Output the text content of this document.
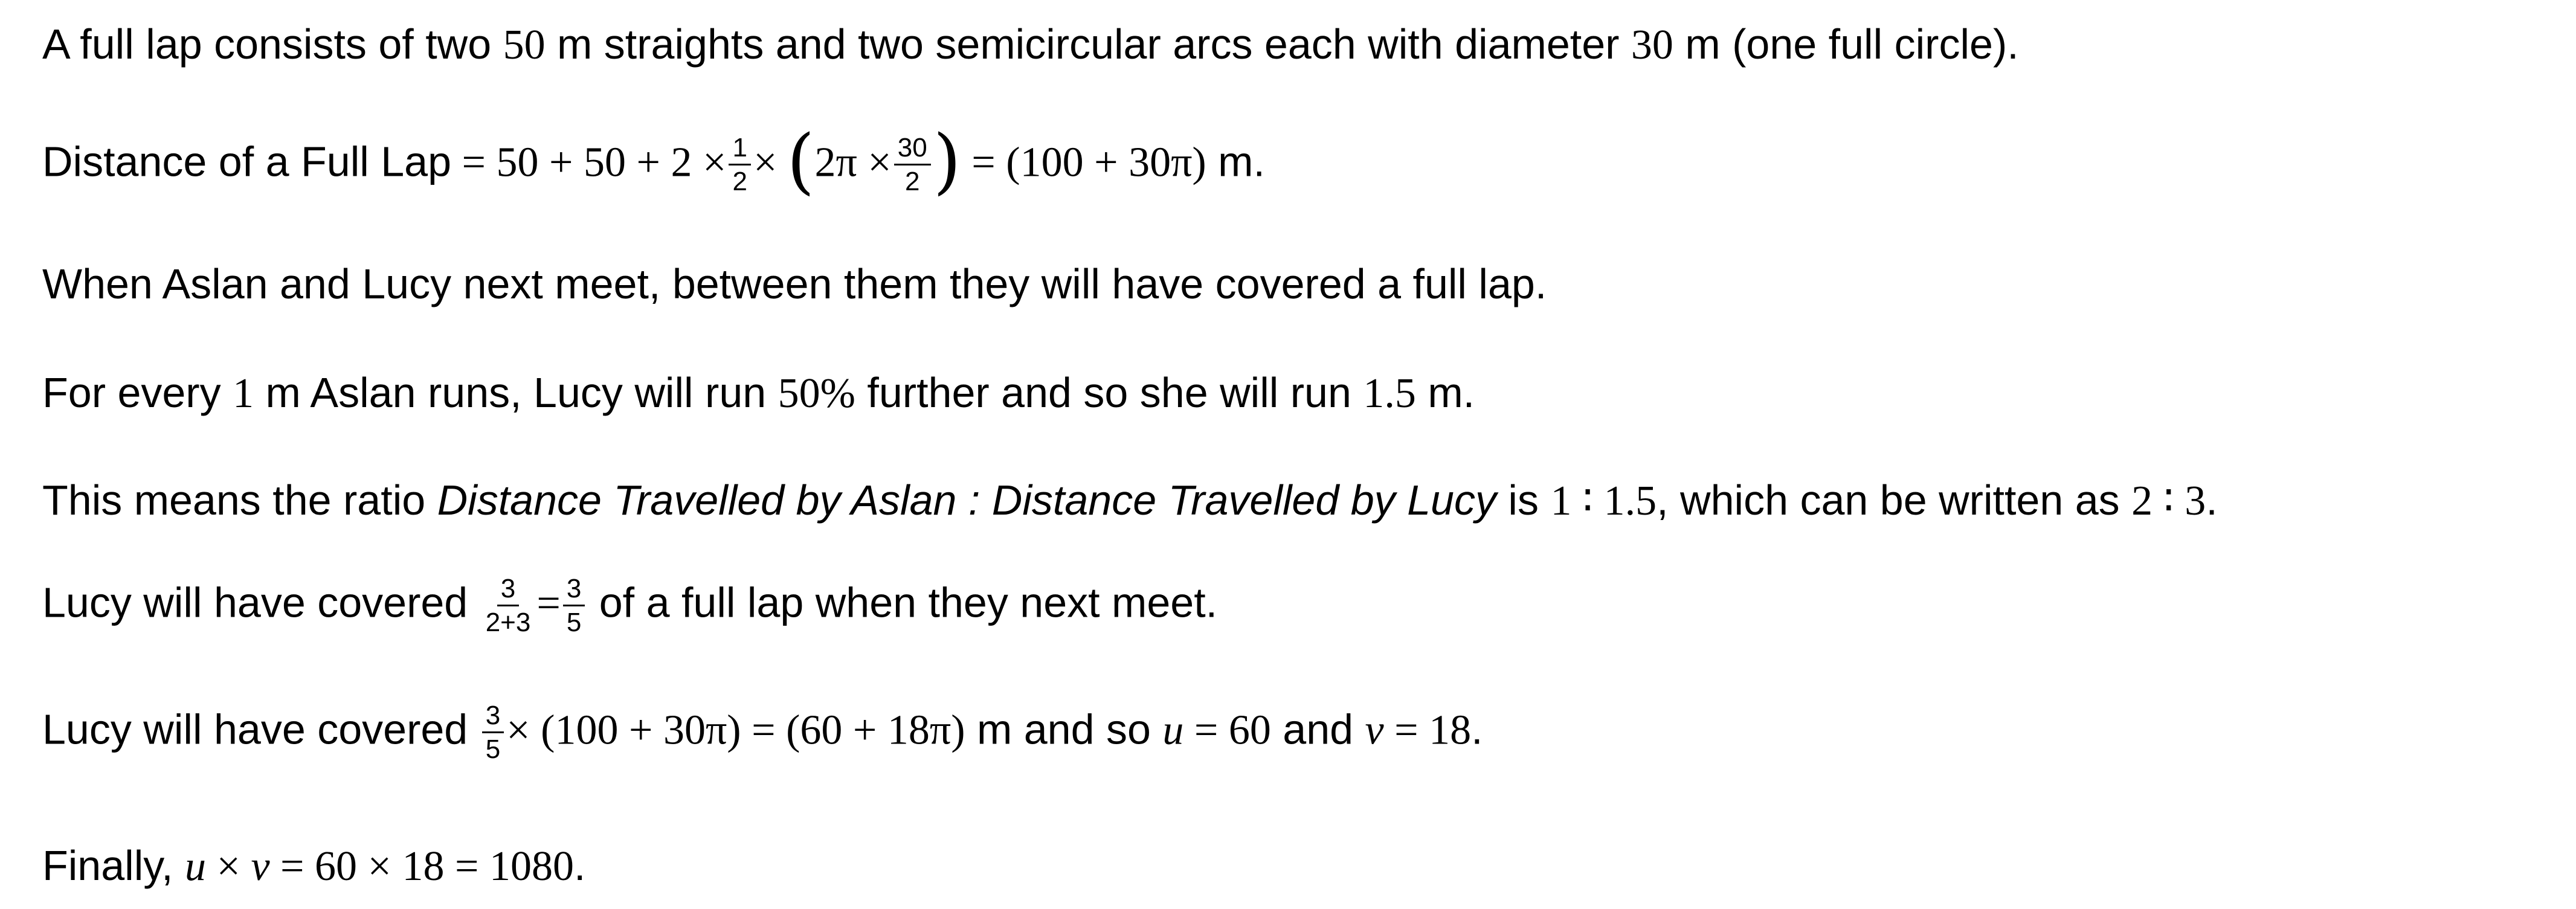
A full lap consists of two 50 m straights and two semicircular arcs each with diameter 30 m (one full circle).
Distance of a Full Lap = $50 + 50 + 2 \times \frac{1}{2} \times (2\pi \times \frac{30}{2}$ ) = (100 + 30π) m.
When Aslan and Lucy next meet, between them they will have covered a full lap.
For every 1 m Aslan runs, Lucy will run 50% further and so she will run 1.5 m.
This means the ratio Distance Travelled by Aslan : Distance Travelled by Lucy is 1 ∶ 1.5, which can be written as 2 ∶ 3.
Lucy will have covered $\frac{3}{2+3} = \frac{3}{5}$ of a full lap when they next meet.
Lucy will have covered $\frac{3}{5} \times (100 + 30\pi) = (60 + 18\pi)$ m and so u = 60 and v = 18.
Finally, u × v = 60 × 18 = 1080.
